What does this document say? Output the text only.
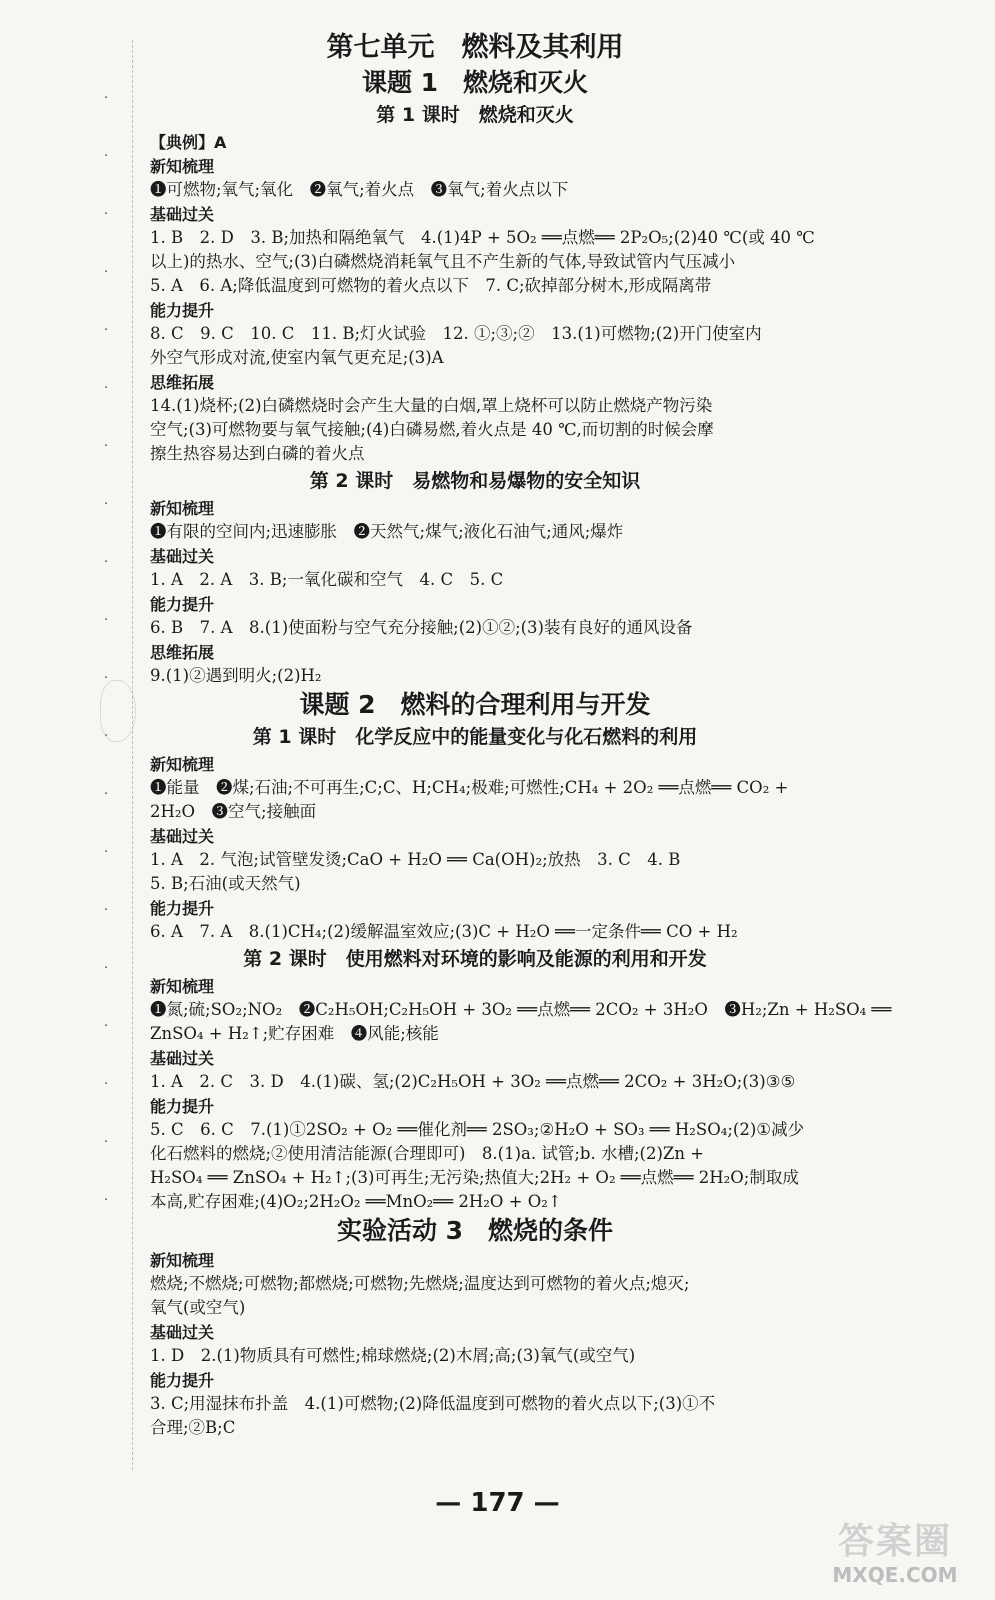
·
·
·
·
·
·
·
·
·
·
·
·
·
·
·
·
·
·
·
·
第七单元　燃料及其利用
课题 1　燃烧和灭火
第 1 课时　燃烧和灭火
【典例】A
新知梳理
❶可燃物;氧气;氧化　❷氧气;着火点　❸氧气;着火点以下
基础过关
1. B　2. D　3. B;加热和隔绝氧气　4.(1)4P + 5O₂ ══点燃══ 2P₂O₅;(2)40 ℃(或 40 ℃
以上)的热水、空气;(3)白磷燃烧消耗氧气且不产生新的气体,导致试管内气压减小
5. A　6. A;降低温度到可燃物的着火点以下　7. C;砍掉部分树木,形成隔离带
能力提升
8. C　9. C　10. C　11. B;灯火试验　12. ①;③;②　13.(1)可燃物;(2)开门使室内
外空气形成对流,使室内氧气更充足;(3)A
思维拓展
14.(1)烧杯;(2)白磷燃烧时会产生大量的白烟,罩上烧杯可以防止燃烧产物污染
空气;(3)可燃物要与氧气接触;(4)白磷易燃,着火点是 40 ℃,而切割的时候会摩
擦生热容易达到白磷的着火点
第 2 课时　易燃物和易爆物的安全知识
新知梳理
❶有限的空间内;迅速膨胀　❷天然气;煤气;液化石油气;通风;爆炸
基础过关
1. A　2. A　3. B;一氧化碳和空气　4. C　5. C
能力提升
6. B　7. A　8.(1)使面粉与空气充分接触;(2)①②;(3)装有良好的通风设备
思维拓展
9.(1)②遇到明火;(2)H₂
课题 2　燃料的合理利用与开发
第 1 课时　化学反应中的能量变化与化石燃料的利用
新知梳理
❶能量　❷煤;石油;不可再生;C;C、H;CH₄;极难;可燃性;CH₄ + 2O₂ ══点燃══ CO₂ +
2H₂O　❸空气;接触面
基础过关
1. A　2. 气泡;试管壁发烫;CaO + H₂O ══ Ca(OH)₂;放热　3. C　4. B
5. B;石油(或天然气)
能力提升
6. A　7. A　8.(1)CH₄;(2)缓解温室效应;(3)C + H₂O ══一定条件══ CO + H₂
第 2 课时　使用燃料对环境的影响及能源的利用和开发
新知梳理
❶氮;硫;SO₂;NO₂　❷C₂H₅OH;C₂H₅OH + 3O₂ ══点燃══ 2CO₂ + 3H₂O　❸H₂;Zn + H₂SO₄ ══
ZnSO₄ + H₂↑;贮存困难　❹风能;核能
基础过关
1. A　2. C　3. D　4.(1)碳、氢;(2)C₂H₅OH + 3O₂ ══点燃══ 2CO₂ + 3H₂O;(3)③⑤
能力提升
5. C　6. C　7.(1)①2SO₂ + O₂ ══催化剂══ 2SO₃;②H₂O + SO₃ ══ H₂SO₄;(2)①减少
化石燃料的燃烧;②使用清洁能源(合理即可)　8.(1)a. 试管;b. 水槽;(2)Zn +
H₂SO₄ ══ ZnSO₄ + H₂↑;(3)可再生;无污染;热值大;2H₂ + O₂ ══点燃══ 2H₂O;制取成
本高,贮存困难;(4)O₂;2H₂O₂ ══MnO₂══ 2H₂O + O₂↑
实验活动 3　燃烧的条件
新知梳理
燃烧;不燃烧;可燃物;都燃烧;可燃物;先燃烧;温度达到可燃物的着火点;熄灭;
氧气(或空气)
基础过关
1. D　2.(1)物质具有可燃性;棉球燃烧;(2)木屑;高;(3)氧气(或空气)
能力提升
3. C;用湿抹布扑盖　4.(1)可燃物;(2)降低温度到可燃物的着火点以下;(3)①不
合理;②B;C
— 177 —
答案圈
MXQE.COM
